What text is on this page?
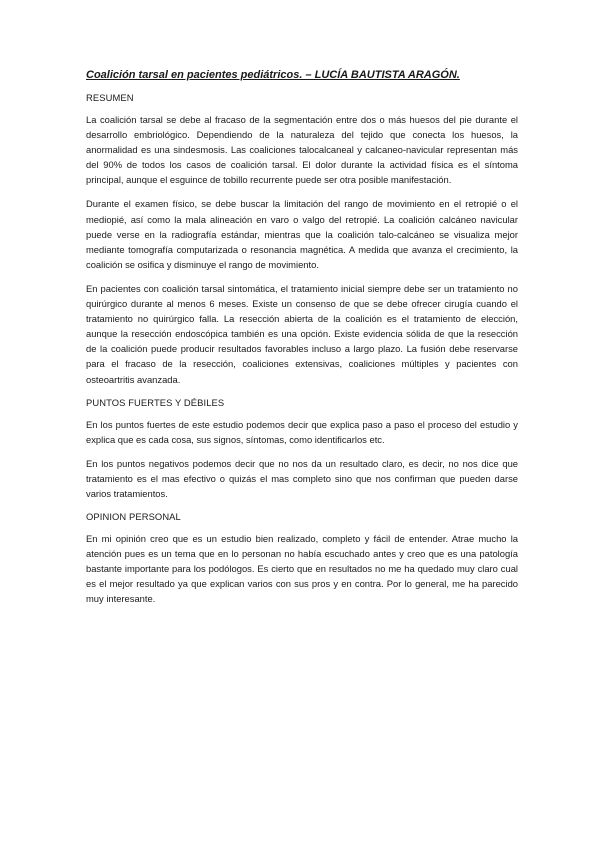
Coalición tarsal en pacientes pediátricos. – LUCÍA BAUTISTA ARAGÓN.
RESUMEN

La coalición tarsal se debe al fracaso de la segmentación entre dos o más huesos del pie durante el desarrollo embriológico. Dependiendo de la naturaleza del tejido que conecta los huesos, la anormalidad es una sindesmosis. Las coaliciones talocalcaneal y calcaneo-navicular representan más del 90% de todos los casos de coalición tarsal. El dolor durante la actividad física es el síntoma principal, aunque el esguince de tobillo recurrente puede ser otra posible manifestación.

Durante el examen físico, se debe buscar la limitación del rango de movimiento en el retropié o el mediopié, así como la mala alineación en varo o valgo del retropié. La coalición calcáneo navicular puede verse en la radiografía estándar, mientras que la coalición talo-calcáneo se visualiza mejor mediante tomografía computarizada o resonancia magnética. A medida que avanza el crecimiento, la coalición se osifica y disminuye el rango de movimiento.

En pacientes con coalición tarsal sintomática, el tratamiento inicial siempre debe ser un tratamiento no quirúrgico durante al menos 6 meses. Existe un consenso de que se debe ofrecer cirugía cuando el tratamiento no quirúrgico falla. La resección abierta de la coalición es el tratamiento de elección, aunque la resección endoscópica también es una opción. Existe evidencia sólida de que la resección de la coalición puede producir resultados favorables incluso a largo plazo. La fusión debe reservarse para el fracaso de la resección, coaliciones extensivas, coaliciones múltiples y pacientes con osteoartritis avanzada.

PUNTOS FUERTES Y DÉBILES

En los puntos fuertes de este estudio podemos decir que explica paso a paso el proceso del estudio y explica que es cada cosa, sus signos, síntomas, como identificarlos etc.

En los puntos negativos podemos decir que no nos da un resultado claro, es decir, no nos dice que tratamiento es el mas efectivo o quizás el mas completo sino que nos confirman que pueden darse varios tratamientos.

OPINION PERSONAL

En mi opinión creo que es un estudio bien realizado, completo y fácil de entender. Atrae mucho la atención pues es un tema que en lo personan no había escuchado antes y creo que es una patología bastante importante para los podólogos. Es cierto que en resultados no me ha quedado muy claro cual es el mejor resultado ya que explican varios con sus pros y en contra. Por lo general, me ha parecido muy interesante.
